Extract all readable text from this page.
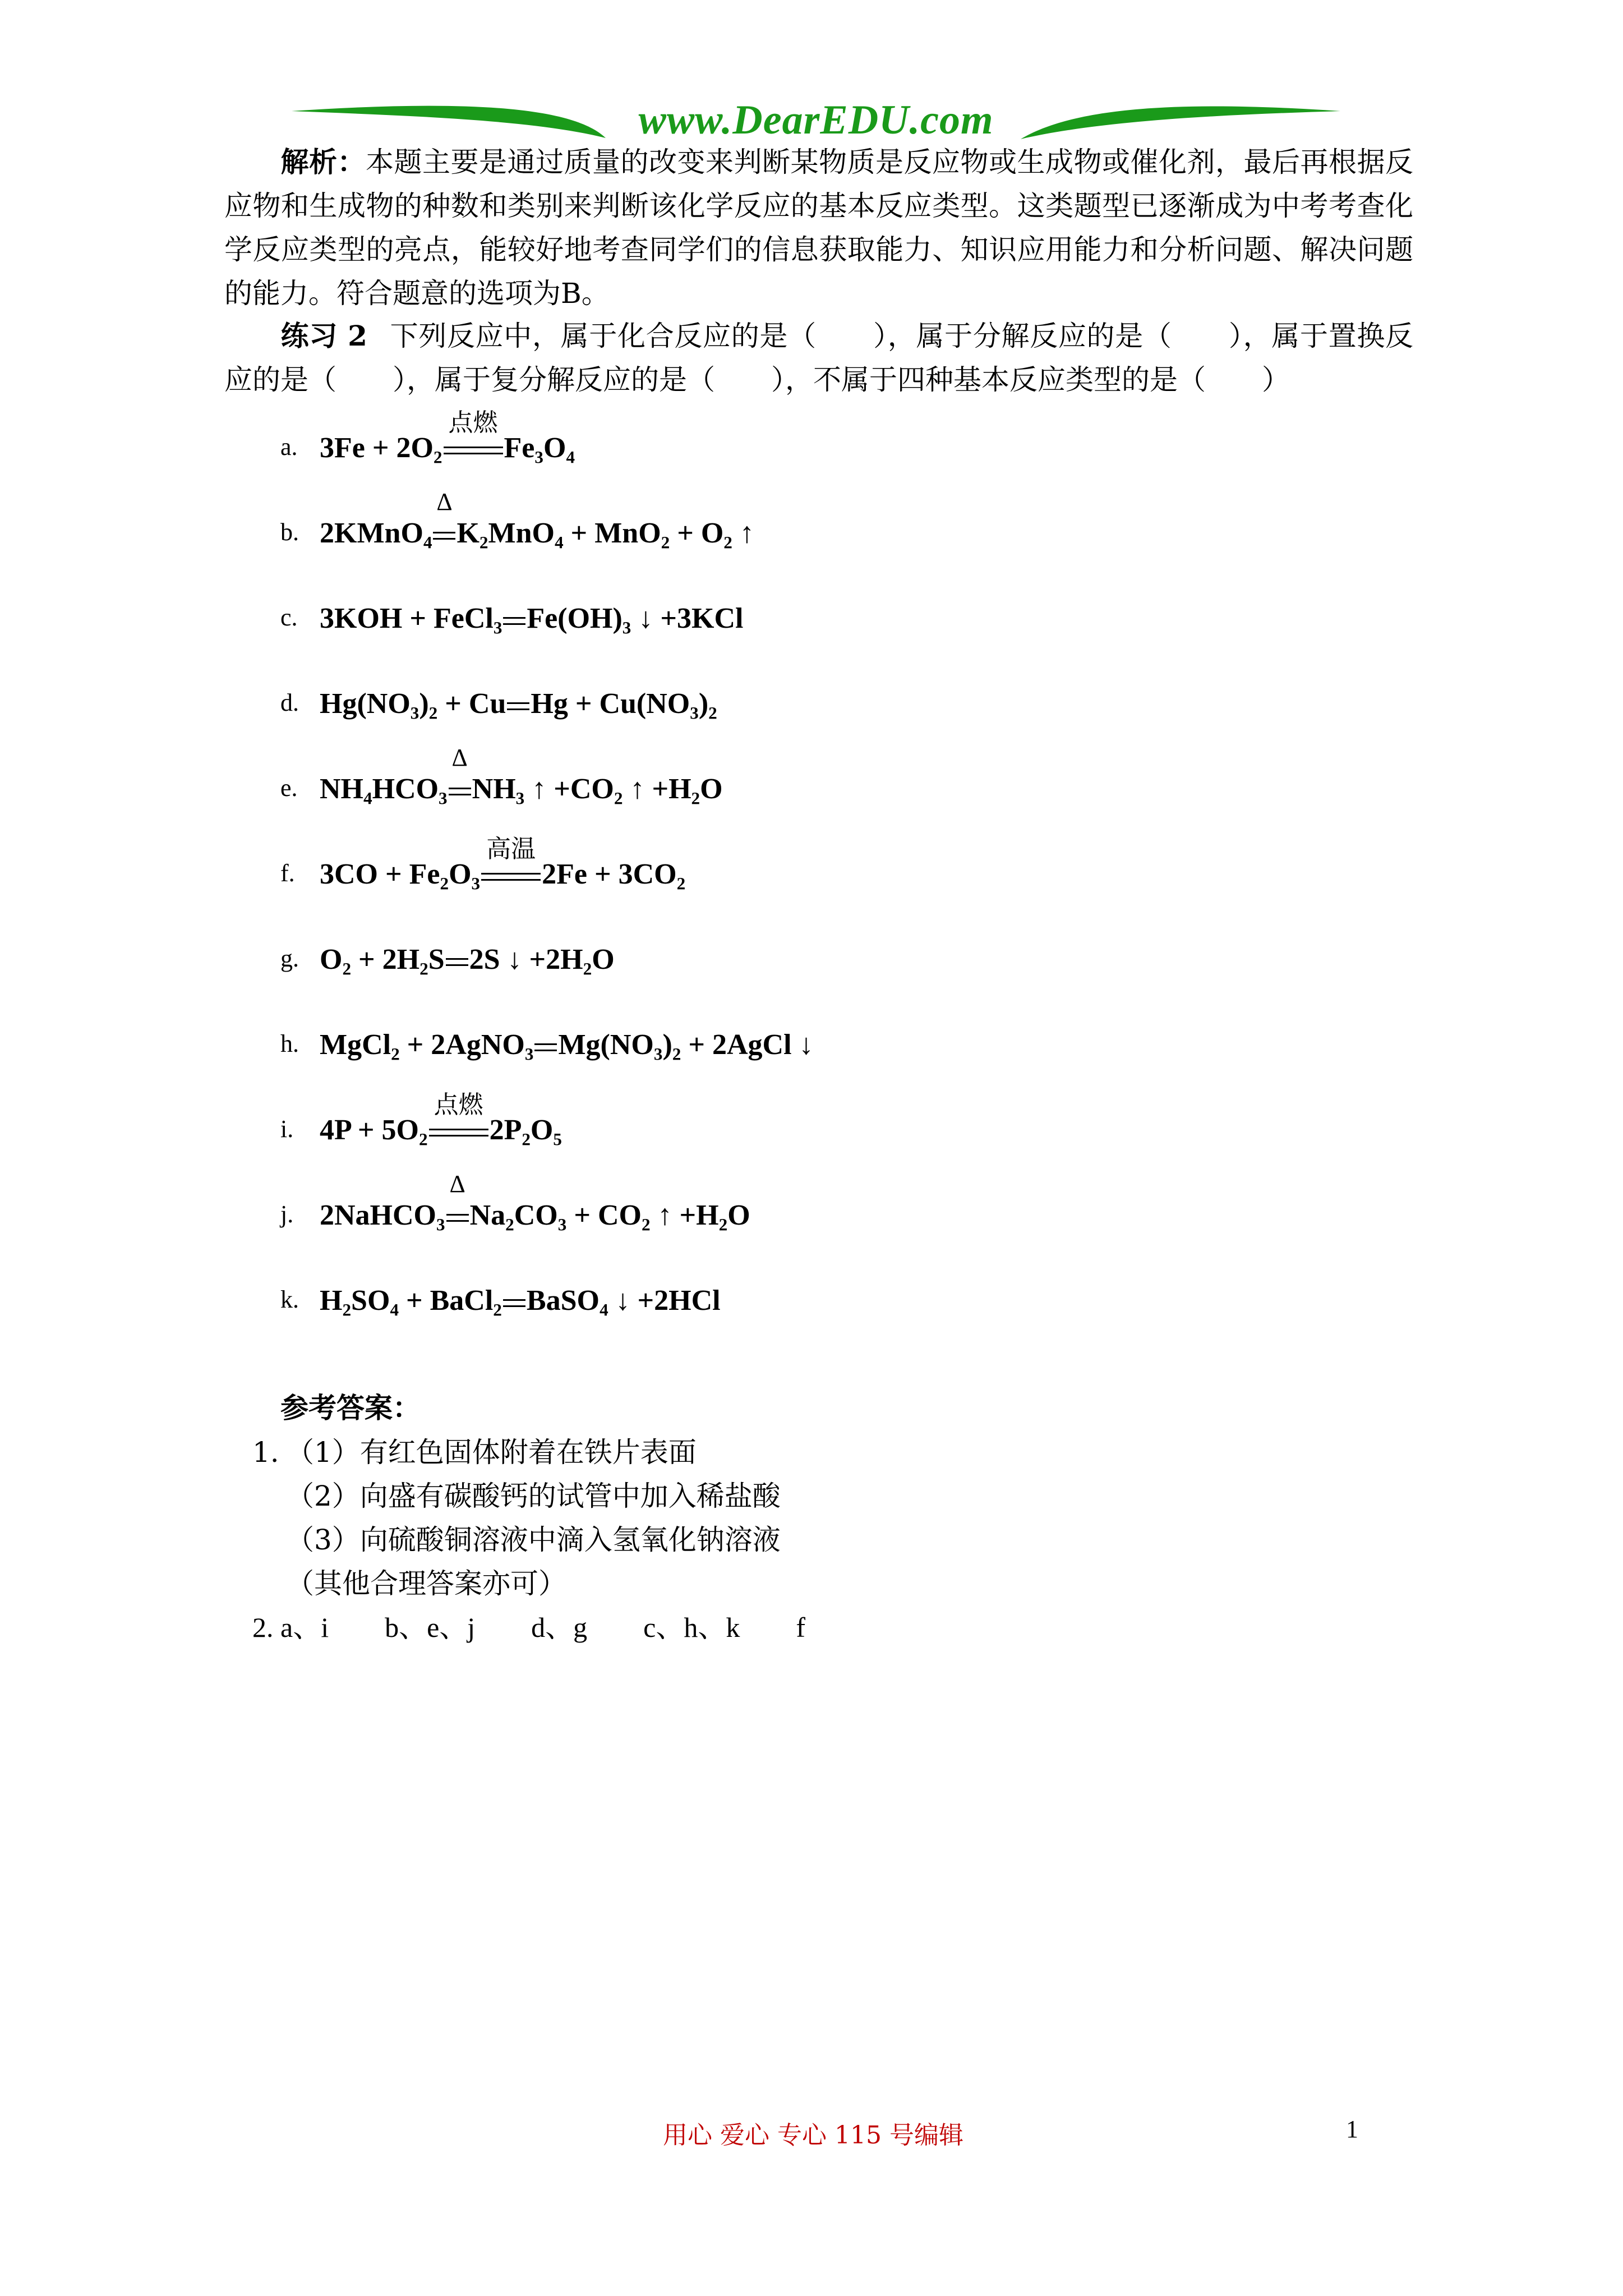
www.DearEDU.com
解析：本题主要是通过质量的改变来判断某物质是反应物或生成物或催化剂，最后再根据反应物和生成物的种数和类别来判断该化学反应的基本反应类型。这类题型已逐渐成为中考考查化学反应类型的亮点，能较好地考查同学们的信息获取能力、知识应用能力和分析问题、解决问题的能力。符合题意的选项为B。
练习 2 下列反应中，属于化合反应的是（　　），属于分解反应的是（　　），属于置换反应的是（　　），属于复分解反应的是（　　），不属于四种基本反应类型的是（　　）
a. 3Fe + 2O₂
点燃
Fe₃O₄
b. 2KMnO₄
Δ
K₂MnO₄ + MnO₂ + O₂ ↑
c. 3KOH + FeCl₃ Fe(OH)₃ ↓ +3KCl
d. Hg(NO₃)₂ + Cu Hg + Cu(NO₃)₂
e. NH₄HCO₃
Δ
NH₃ ↑ +CO₂ ↑ +H₂O
f. 3CO + Fe₂O₃
高温
2Fe + 3CO₂
g. O₂ + 2H₂S 2S ↓ +2H₂O
h. MgCl₂ + 2AgNO₃ Mg(NO₃)₂ + 2AgCl ↓
i. 4P + 5O₂
点燃
2P₂O₅
j. 2NaHCO₃
Δ
Na₂CO₃ + CO₂ ↑ +H₂O
k. H₂SO₄ + BaCl₂ BaSO₄ ↓ +2HCl
参考答案：
1. （1）有红色固体附着在铁片表面
（2）向盛有碳酸钙的试管中加入稀盐酸
（3）向硫酸铜溶液中滴入氢氧化钠溶液
（其他合理答案亦可）
2. a、i　　b、e、j　　d、g　　c、h、k　　f
用心 爱心 专心 115 号编辑	1
